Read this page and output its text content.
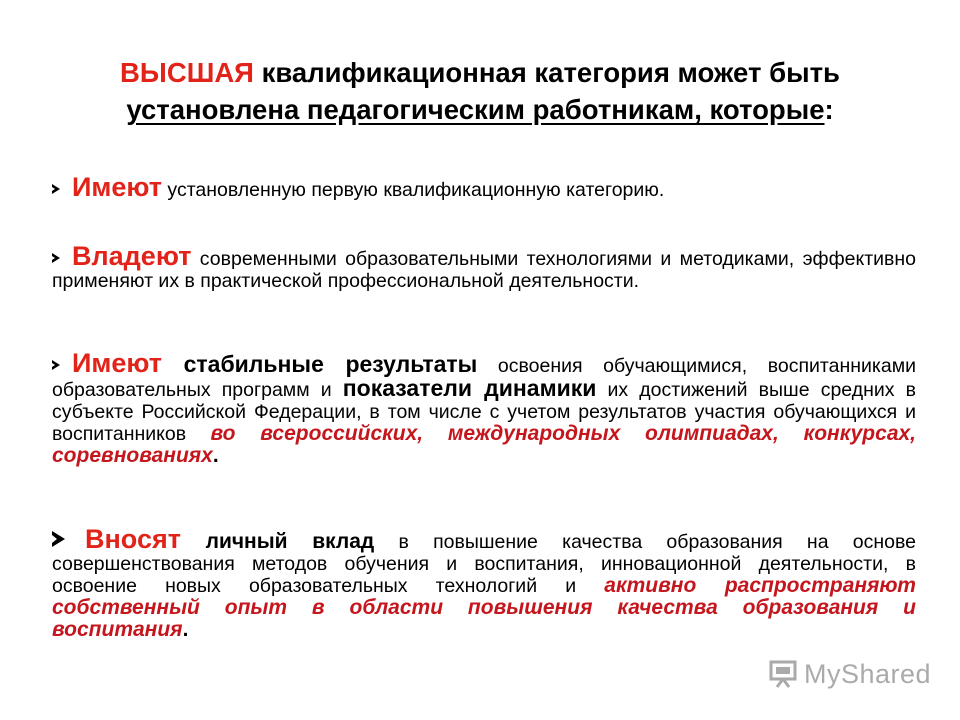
ВЫСШАЯ квалификационная категория может быть
установлена педагогическим работникам, которые:
Имеют установленную первую квалификационную категорию.
Владеют современными образовательными технологиями и методиками, эффективно применяют их в практической профессиональной деятельности.
Имеют стабильные результаты освоения обучающимися, воспитанниками образовательных программ и показатели динамики их достижений выше средних в субъекте Российской Федерации, в том числе с учетом результатов участия обучающихся и воспитанников во всероссийских, международных олимпиадах, конкурсах, соревнованиях.
Вносят личный вклад в повышение качества образования на основе совершенствования методов обучения и воспитания, инновационной деятельности, в освоение новых образовательных технологий и активно распространяют собственный опыт в области повышения качества образования и воспитания.
MyShared
